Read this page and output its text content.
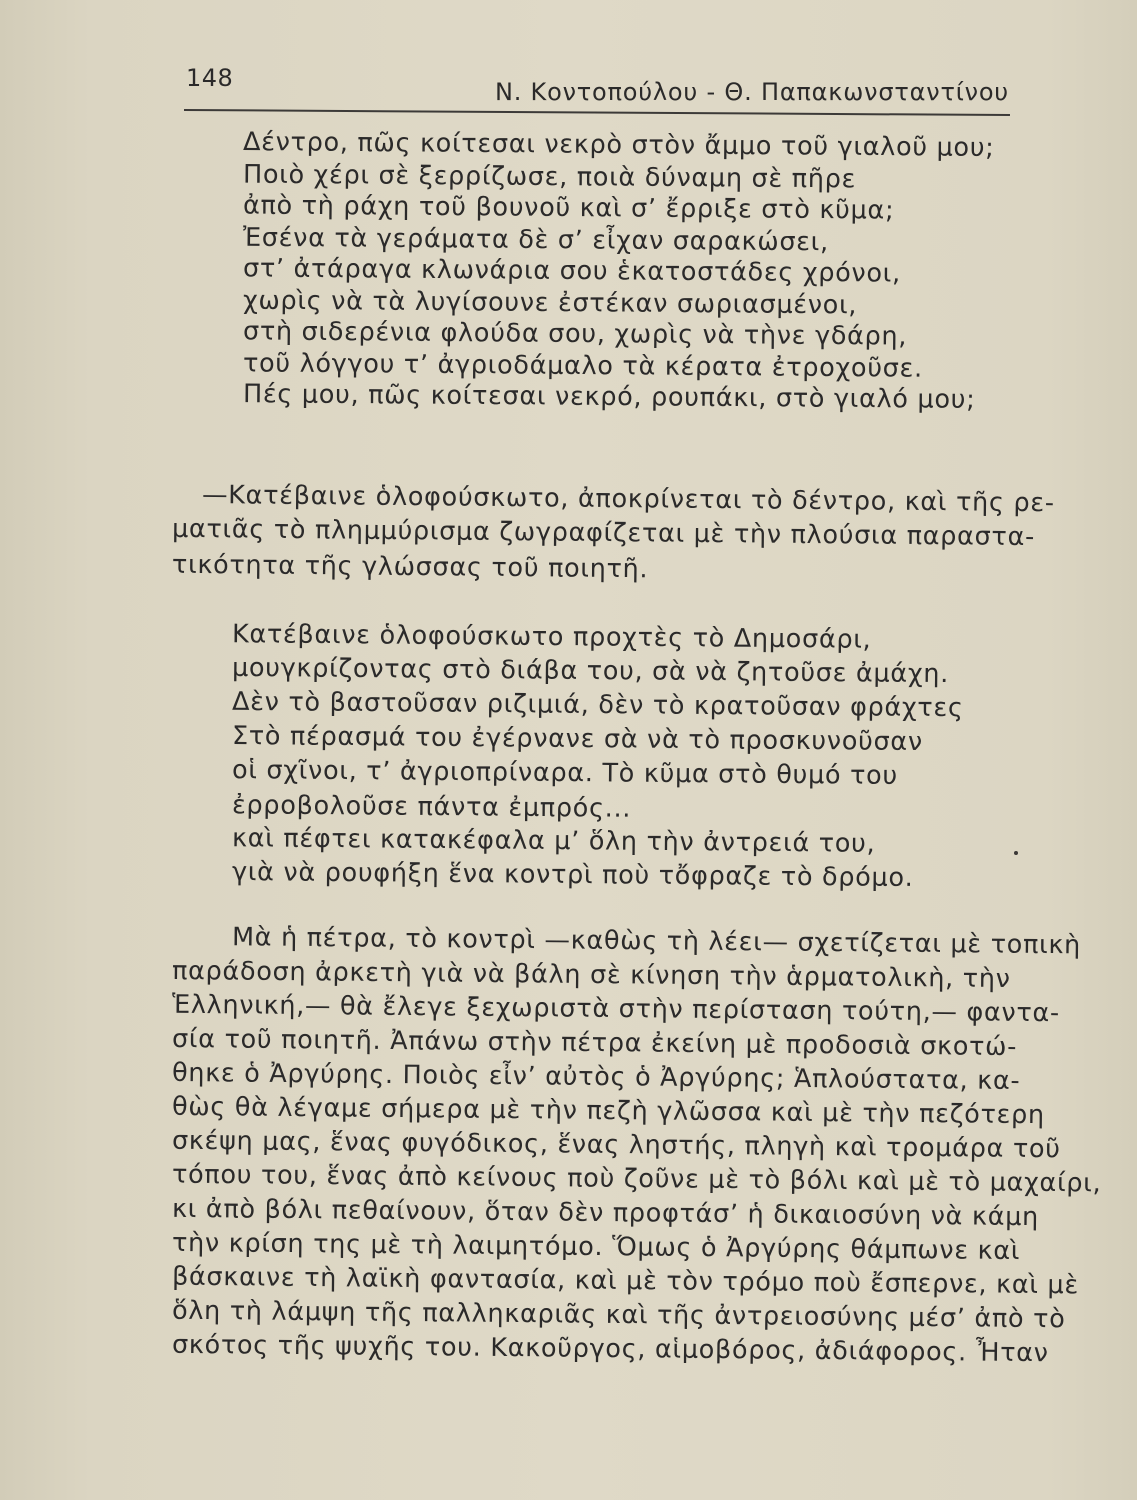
148	Ν. Κοντοπούλου - Θ. Παπακωνσταντίνου
Δέντρο, πῶς κοίτεσαι νεκρὸ στὸν ἄμμο τοῦ γιαλοῦ μου;
Ποιὸ χέρι σὲ ξερρίζωσε, ποιὰ δύναμη σὲ πῆρε
ἀπὸ τὴ ράχη τοῦ βουνοῦ καὶ σ’ ἔρριξε στὸ κῦμα;
Ἐσένα τὰ γεράματα δὲ σ’ εἶχαν σαρακώσει,
στ’ ἀτάραγα κλωνάρια σου ἑκατοστάδες χρόνοι,
χωρὶς νὰ τὰ λυγίσουνε ἐστέκαν σωριασμένοι,
στὴ σιδερένια φλούδα σου, χωρὶς νὰ τὴνε γδάρη,
τοῦ λόγγου τ’ ἀγριοδάμαλο τὰ κέρατα ἐτροχοῦσε.
Πές μου, πῶς κοίτεσαι νεκρό, ρουπάκι, στὸ γιαλό μου;
—Κατέβαινε ὁλοφούσκωτο, ἀποκρίνεται τὸ δέντρο, καὶ τῆς ρε-
ματιᾶς τὸ πλημμύρισμα ζωγραφίζεται μὲ τὴν πλούσια παραστα-
τικότητα τῆς γλώσσας τοῦ ποιητῆ.
Κατέβαινε ὁλοφούσκωτο προχτὲς τὸ Δημοσάρι,
μουγκρίζοντας στὸ διάβα του, σὰ νὰ ζητοῦσε ἀμάχη.
Δὲν τὸ βαστοῦσαν ριζιμιά, δὲν τὸ κρατοῦσαν φράχτες
Στὸ πέρασμά του ἐγέρνανε σὰ νὰ τὸ προσκυνοῦσαν
οἱ σχῖνοι, τ’ ἀγριοπρίναρα. Τὸ κῦμα στὸ θυμό του
ἐρροβολοῦσε πάντα ἐμπρός...
καὶ πέφτει κατακέφαλα μ’ ὅλη τὴν ἀντρειά του,
γιὰ νὰ ρουφήξη ἕνα κοντρὶ ποὺ τὄφραζε τὸ δρόμο.
Μὰ ἡ πέτρα, τὸ κοντρὶ —καθὼς τὴ λέει— σχετίζεται μὲ τοπικὴ
παράδοση ἀρκετὴ γιὰ νὰ βάλη σὲ κίνηση τὴν ἁρματολικὴ, τὴν
Ἑλληνική,— θὰ ἔλεγε ξεχωριστὰ στὴν περίσταση τούτη,— φαντα-
σία τοῦ ποιητῆ. Ἀπάνω στὴν πέτρα ἐκείνη μὲ προδοσιὰ σκοτώ-
θηκε ὁ Ἀργύρης. Ποιὸς εἶν’ αὐτὸς ὁ Ἀργύρης; Ἁπλούστατα, κα-
θὼς θὰ λέγαμε σήμερα μὲ τὴν πεζὴ γλῶσσα καὶ μὲ τὴν πεζότερη
σκέψη μας, ἕνας φυγόδικος, ἕνας ληστής, πληγὴ καὶ τρομάρα τοῦ
τόπου του, ἕνας ἀπὸ κείνους ποὺ ζοῦνε μὲ τὸ βόλι καὶ μὲ τὸ μαχαίρι,
κι ἀπὸ βόλι πεθαίνουν, ὅταν δὲν προφτάσ’ ἡ δικαιοσύνη νὰ κάμη
τὴν κρίση της μὲ τὴ λαιμητόμο. Ὅμως ὁ Ἀργύρης θάμπωνε καὶ
βάσκαινε τὴ λαϊκὴ φαντασία, καὶ μὲ τὸν τρόμο ποὺ ἔσπερνε, καὶ μὲ
ὅλη τὴ λάμψη τῆς παλληκαριᾶς καὶ τῆς ἀντρειοσύνης μέσ’ ἀπὸ τὸ
σκότος τῆς ψυχῆς του. Κακοῦργος, αἱμοβόρος, ἀδιάφορος. Ἦταν
